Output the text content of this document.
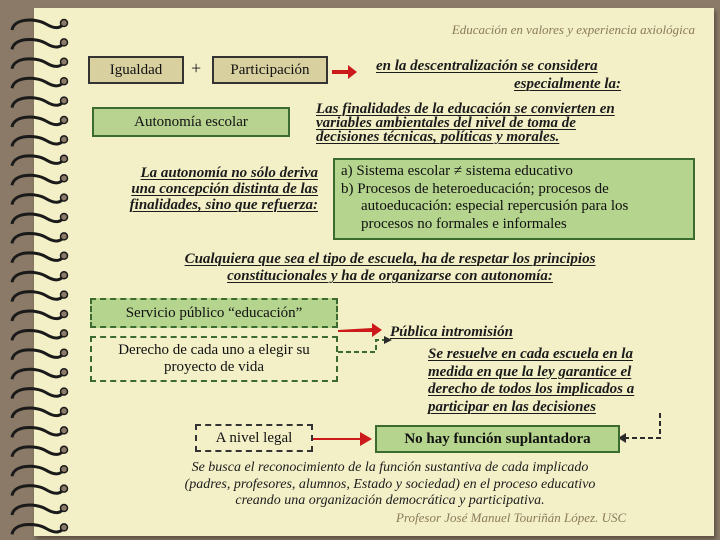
Educación en valores y experiencia axiológica
Igualdad	+	Participación	en la descentralización se considera
especialmente la:
Autonomía escolar
Las finalidades de la educación se convierten en
variables ambientales del nivel de toma de
decisiones técnicas, políticas y morales.
La autonomía no sólo deriva
una concepción distinta de las
finalidades, sino que refuerza:
a) Sistema escolar ≠ sistema educativo
b) Procesos de heteroeducación; procesos de
autoeducación: especial repercusión para los
procesos no formales e informales
Cualquiera que sea el tipo de escuela, ha de respetar los principios
constitucionales y ha de organizarse con autonomía:
Servicio público “educación”
Derecho de cada uno a elegir su
proyecto de vida
Pública intromisión
Se resuelve en cada escuela en la
medida en que la ley garantice el
derecho de todos los implicados a
participar en las decisiones
A nivel legal	No hay función suplantadora
Se busca el reconocimiento de la función sustantiva de cada implicado
(padres, profesores, alumnos, Estado y sociedad) en el proceso educativo
creando una organización democrática y participativa.
Profesor José Manuel Touriñán López. USC
